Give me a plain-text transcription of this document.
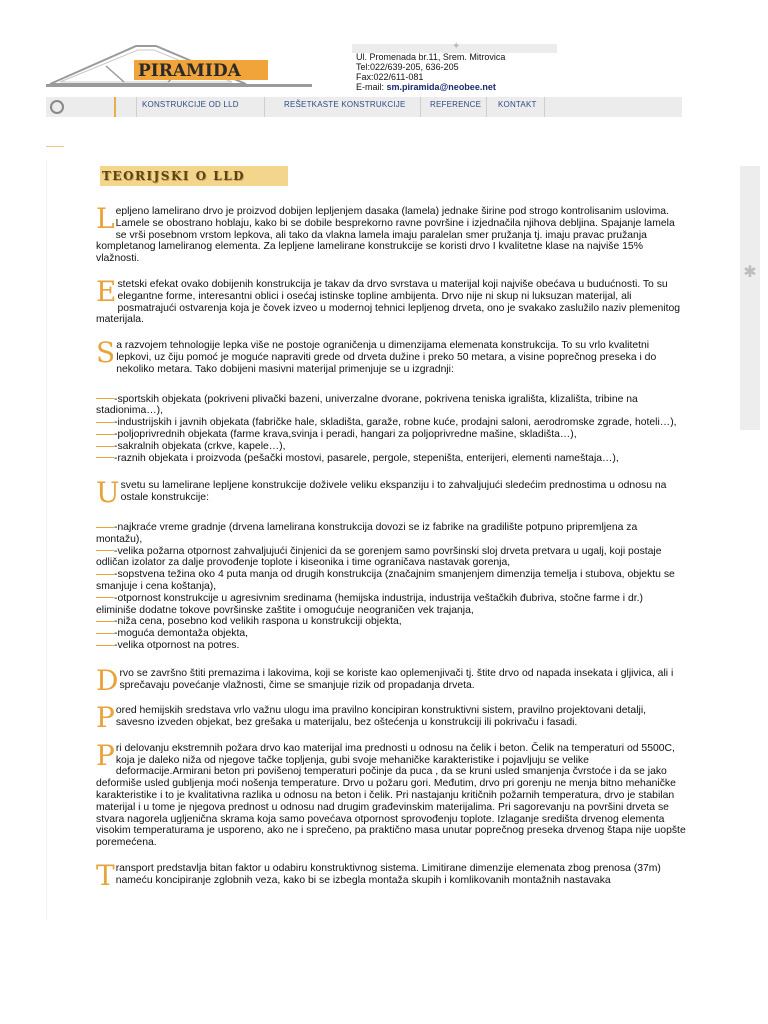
PIRAMIDA
✦
Ul. Promenada br.11, Srem. Mitrovica
Tel:022/639-205, 636-205
Fax:022/611-081
E-mail: sm.piramida@neobee.net
KONSTRUKCIJE OD LLD	REŠETKASTE KONSTRUKCIJE	REFERENCE KONTAKT
✱
TEORIJSKI O LLD

Lepljeno lamelirano drvo je proizvod dobijen lepljenjem dasaka (lamela) jednake širine pod strogo kontrolisanim uslovima. Lamele se obostrano hoblaju, kako bi se dobile besprekorno ravne površine i izjednačila njihova debljina. Spajanje lamela se vrši posebnom vrstom lepkova, ali tako da vlakna lamela imaju paralelan smer pružanja tj. imaju pravac pružanja kompletanog lameliranog elementa. Za lepljene lamelirane konstrukcije se koristi drvo I kvalitetne klase na najviše 15% vlažnosti.

Estetski efekat ovako dobijenih konstrukcija je takav da drvo svrstava u materijal koji najviše obećava u budućnosti. To su elegantne forme, interesantni oblici i osećaj istinske topline ambijenta. Drvo nije ni skup ni luksuzan materijal, ali posmatrajući ostvarenja koja je čovek izveo u modernoj tehnici lepljenog drveta, ono je svakako zaslužilo naziv plemenitog materijala.

Sa razvojem tehnologije lepka više ne postoje ograničenja u dimenzijama elemenata konstrukcija. To su vrlo kvalitetni lepkovi, uz čiju pomoć je moguće napraviti grede od drveta dužine i preko 50 metara, a visine poprečnog preseka i do nekoliko metara. Tako dobijeni masivni materijal primenjuje se u izgradnji:

-sportskih objekata (pokriveni plivački bazeni, univerzalne dvorane, pokrivena teniska igrališta, klizališta, tribine na stadionima…),
-industrijskih i javnih objekata (fabričke hale, skladišta, garaže, robne kuće, prodajni saloni, aerodromske zgrade, hoteli…),
-poljoprivrednih objekata (farme krava,svinja i peradi, hangari za poljoprivredne mašine, skladišta…),
-sakralnih objekata (crkve, kapele…),
-raznih objekata i proizvoda (pešački mostovi, pasarele, pergole, stepeništa, enterijeri, elementi nameštaja…),

U svetu su lamelirane lepljene konstrukcije doživele veliku ekspanziju i to zahvaljujući sledećim prednostima u odnosu na ostale konstrukcije:

-najkraće vreme gradnje (drvena lamelirana konstrukcija dovozi se iz fabrike na gradilište potpuno pripremljena za montažu),
-velika požarna otpornost zahvaljujući činjenici da se gorenjem samo površinski sloj drveta pretvara u ugalj, koji postaje odličan izolator za dalje provođenje toplote i kiseonika i time ograničava nastavak gorenja,
-sopstvena težina oko 4 puta manja od drugih konstrukcija (značajnim smanjenjem dimenzija temelja i stubova, objektu se smanjuje i cena koštanja),
-otpornost konstrukcije u agresivnim sredinama (hemijska industrija, industrija veštačkih đubriva, stočne farme i dr.) eliminiše dodatne tokove površinske zaštite i omogućuje neograničen vek trajanja,
-niža cena, posebno kod velikih raspona u konstrukciji objekta,
-moguća demontaža objekta,
-velika otpornost na potres.

Drvo se završno štiti premazima i lakovima, koji se koriste kao oplemenjivači tj. štite drvo od napada insekata i gljivica, ali i sprečavaju povećanje vlažnosti, čime se smanjuje rizik od propadanja drveta.

Pored hemijskih sredstava vrlo važnu ulogu ima pravilno koncipiran konstruktivni sistem, pravilno projektovani detalji, savesno izveden objekat, bez grešaka u materijalu, bez oštećenja u konstrukciji ili pokrivaču i fasadi.

Pri delovanju ekstremnih požara drvo kao materijal ima prednosti u odnosu na čelik i beton. Čelik na temperaturi od 5500C, koja je daleko niža od njegove tačke topljenja, gubi svoje mehaničke karakteristike i pojavljuju se velike deformacije.Armirani beton pri povišenoj temperaturi počinje da puca , da se kruni usled smanjenja čvrstoće i da se jako deformiše usled gubljenja moći nošenja temperature. Drvo u požaru gori. Međutim, drvo pri gorenju ne menja bitno mehaničke karakteristike i to je kvalitativna razlika u odnosu na beton i čelik. Pri nastajanju kritičnih požarnih temperatura, drvo je stabilan materijal i u tome je njegova prednost u odnosu nad drugim građevinskim materijalima. Pri sagorevanju na površini drveta se stvara nagorela ugljenična skrama koja samo povećava otpornost sprovođenju toplote. Izlaganje središta drvenog elementa visokim temperaturama je usporeno, ako ne i sprečeno, pa praktično masa unutar poprečnog preseka drvenog štapa nije uopšte poremećena.

Transport predstavlja bitan faktor u odabiru konstruktivnog sistema. Limitirane dimenzije elemenata zbog prenosa (37m) nameću koncipiranje zglobnih veza, kako bi se izbegla montaža skupih i komlikovanih montažnih nastavaka
